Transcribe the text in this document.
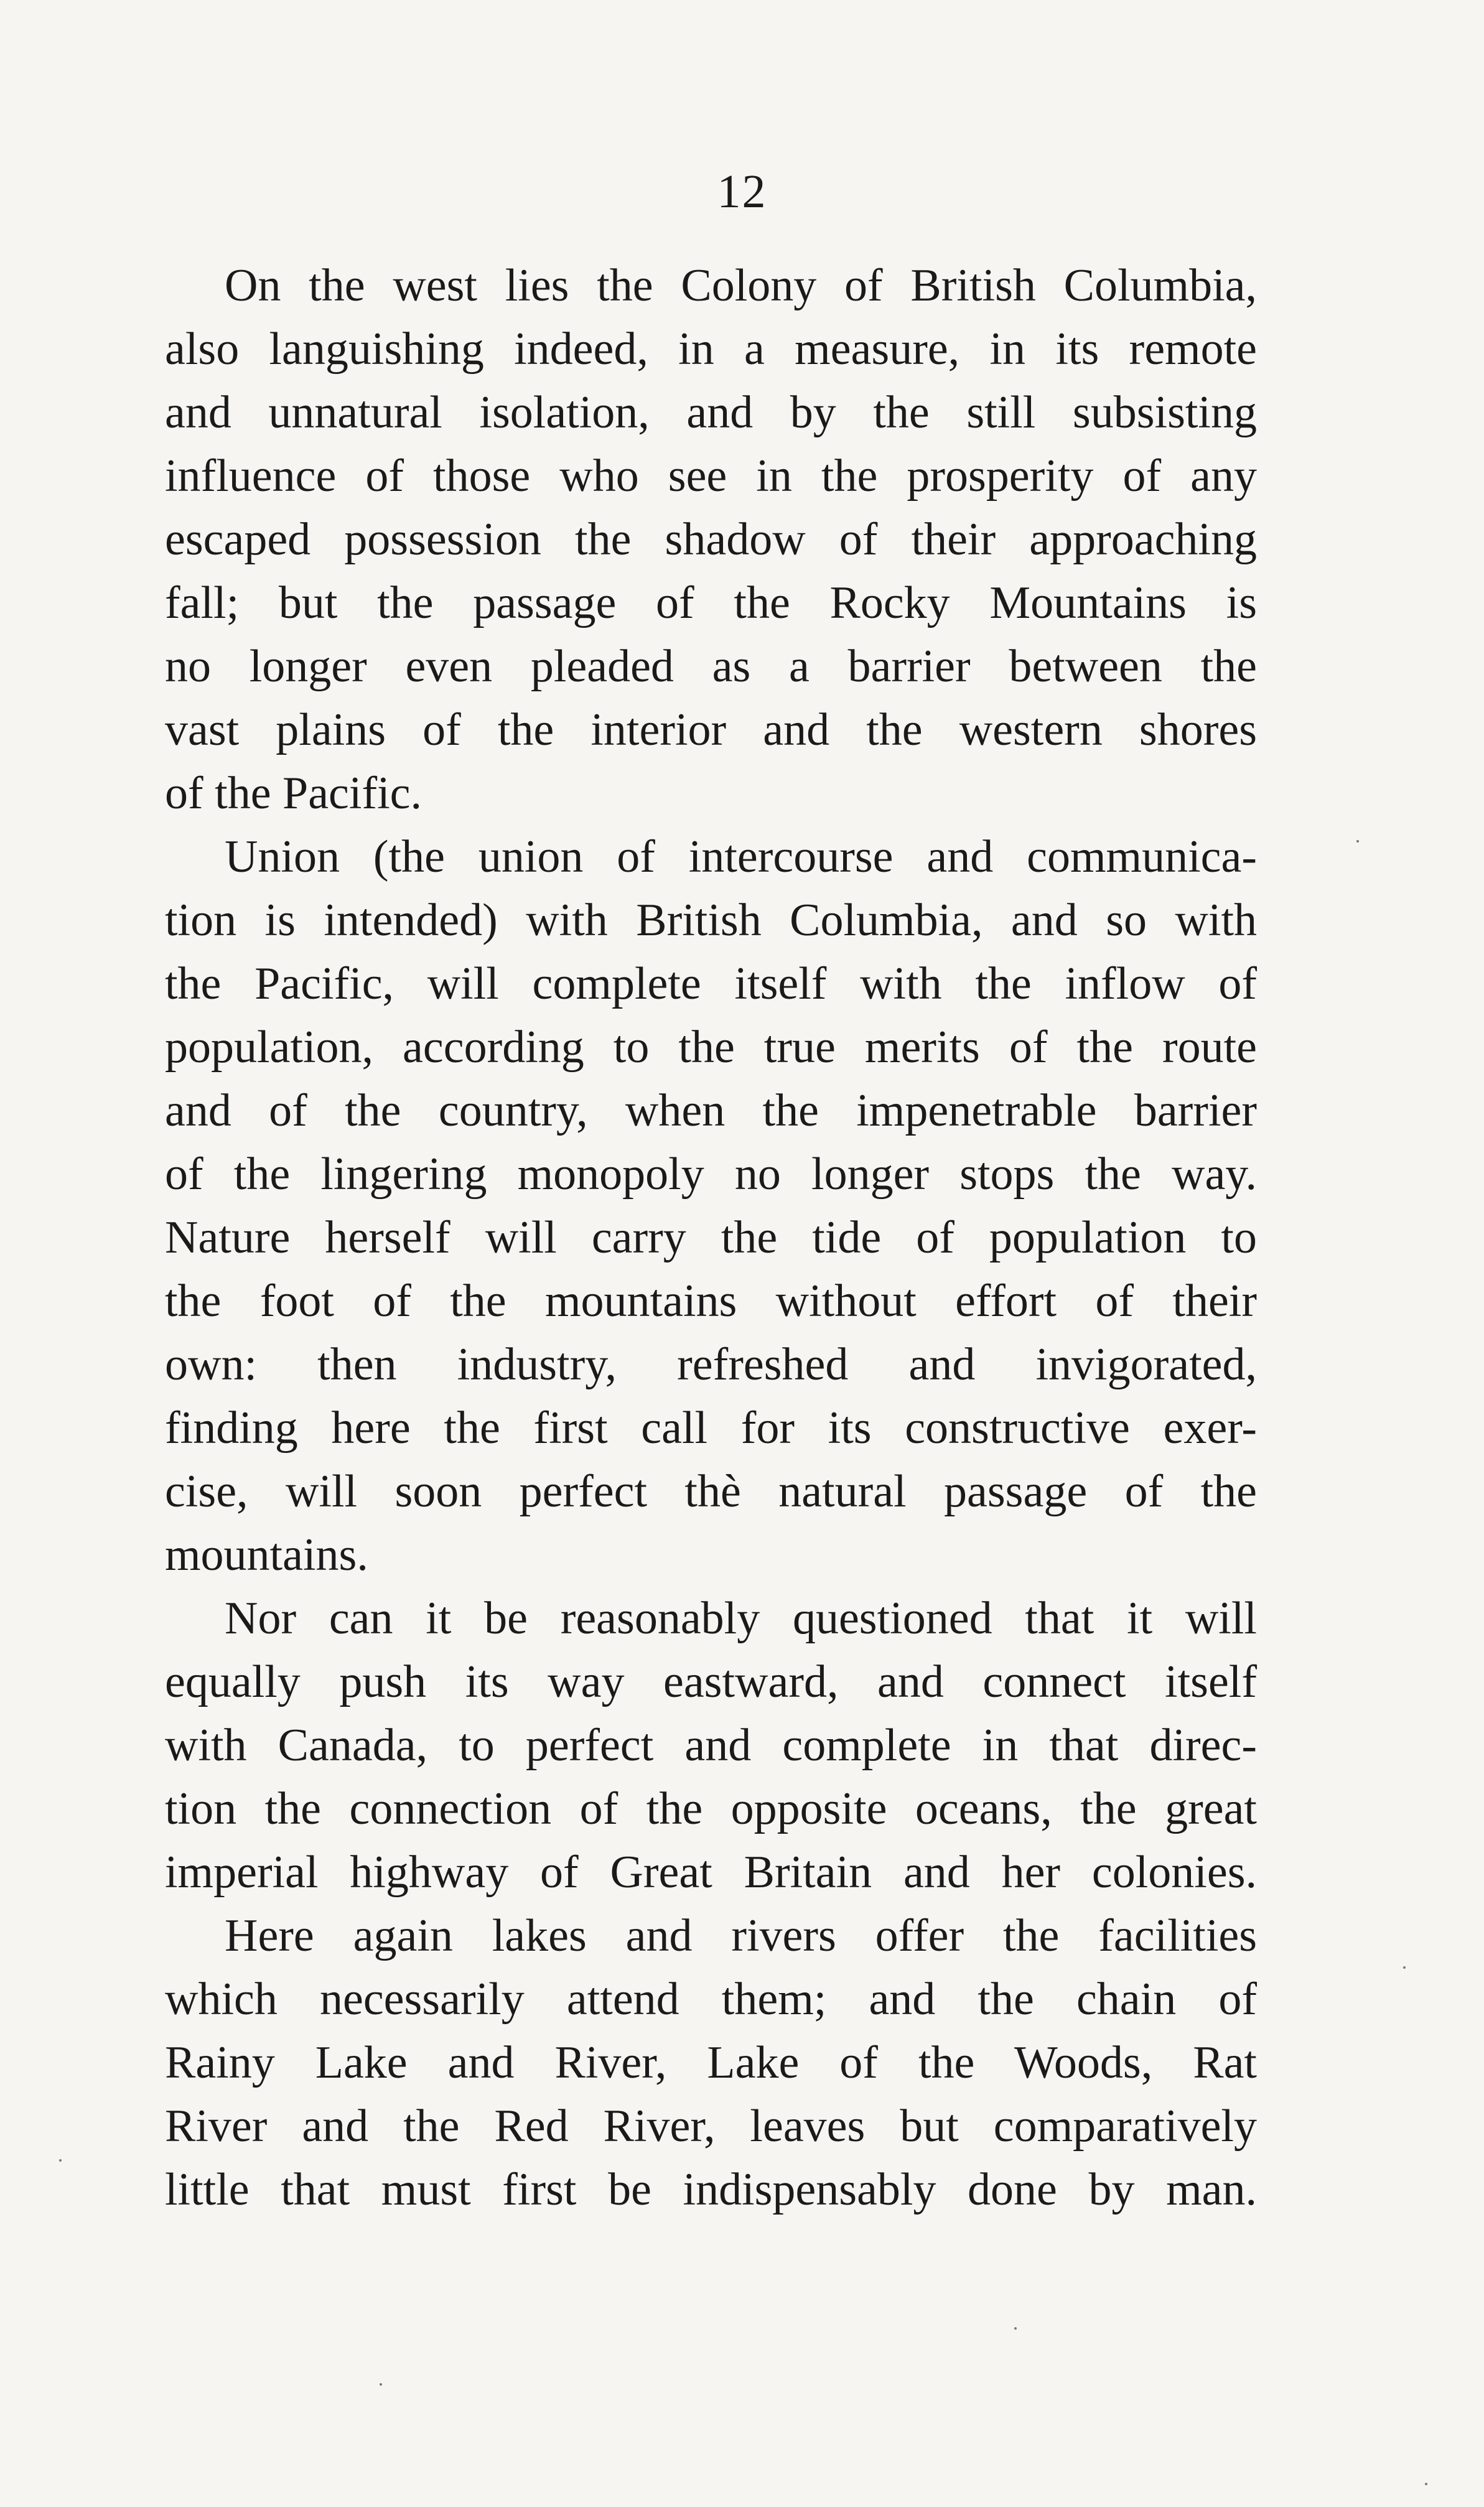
12
On the west lies the Colony of British Columbia,
also languishing indeed, in a measure, in its remote
and unnatural isolation, and by the still subsisting
influence of those who see in the prosperity of any
escaped possession the shadow of their approaching
fall; but the passage of the Rocky Mountains is
no longer even pleaded as a barrier between the
vast plains of the interior and the western shores
of the Pacific.
Union (the union of intercourse and communica-
tion is intended) with British Columbia, and so with
the Pacific, will complete itself with the inflow of
population, according to the true merits of the route
and of the country, when the impenetrable barrier
of the lingering monopoly no longer stops the way.
Nature herself will carry the tide of population to
the foot of the mountains without effort of their
own: then industry, refreshed and invigorated,
finding here the first call for its constructive exer-
cise, will soon perfect thè natural passage of the
mountains.
Nor can it be reasonably questioned that it will
equally push its way eastward, and connect itself
with Canada, to perfect and complete in that direc-
tion the connection of the opposite oceans, the great
imperial highway of Great Britain and her colonies.
Here again lakes and rivers offer the facilities
which necessarily attend them; and the chain of
Rainy Lake and River, Lake of the Woods, Rat
River and the Red River, leaves but comparatively
little that must first be indispensably done by man.
